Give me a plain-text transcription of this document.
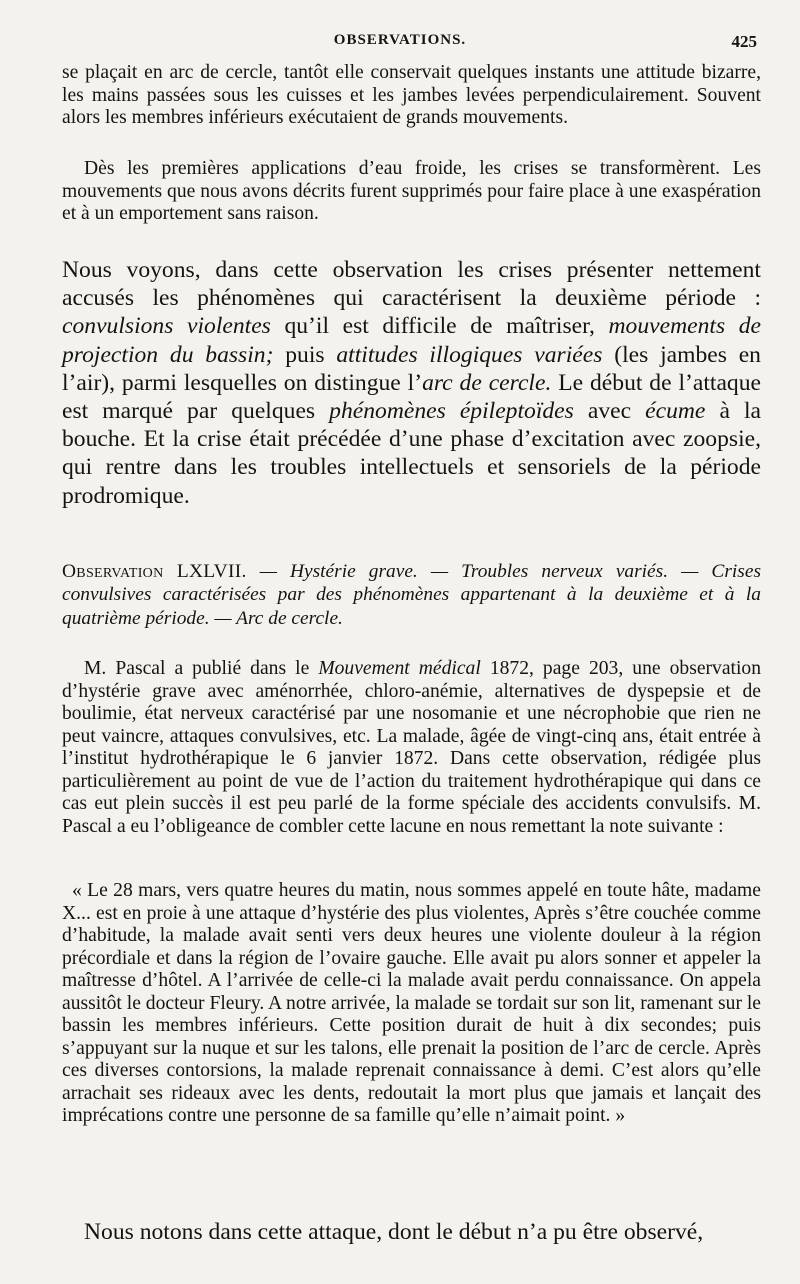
OBSERVATIONS.	425

se plaçait en arc de cercle, tantôt elle conservait quelques instants une attitude bizarre, les mains passées sous les cuisses et les jambes levées perpendiculairement. Souvent alors les membres inférieurs exécutaient de grands mouvements.

Dès les premières applications d’eau froide, les crises se transformèrent. Les mouvements que nous avons décrits furent supprimés pour faire place à une exaspération et à un emportement sans raison.

Nous voyons, dans cette observation les crises présenter nettement accusés les phénomènes qui caractérisent la deuxième période : convulsions violentes qu’il est difficile de maîtriser, mouvements de projection du bassin; puis attitudes illogiques variées (les jambes en l’air), parmi lesquelles on distingue l’arc de cercle. Le début de l’attaque est marqué par quelques phénomènes épileptoïdes avec écume à la bouche. Et la crise était précédée d’une phase d’excitation avec zoopsie, qui rentre dans les troubles intellectuels et sensoriels de la période prodromique.

Observation LXLVII. — Hystérie grave. — Troubles nerveux variés. — Crises convulsives caractérisées par des phénomènes appartenant à la deuxième et à la quatrième période. — Arc de cercle.

M. Pascal a publié dans le Mouvement médical 1872, page 203, une observation d’hystérie grave avec aménorrhée, chloro-anémie, alternatives de dyspepsie et de boulimie, état nerveux caractérisé par une nosomanie et une nécrophobie que rien ne peut vaincre, attaques convulsives, etc. La malade, âgée de vingt-cinq ans, était entrée à l’institut hydrothérapique le 6 janvier 1872. Dans cette observation, rédigée plus particulièrement au point de vue de l’action du traitement hydrothérapique qui dans ce cas eut plein succès il est peu parlé de la forme spéciale des accidents convulsifs. M. Pascal a eu l’obligeance de combler cette lacune en nous remettant la note suivante :

« Le 28 mars, vers quatre heures du matin, nous sommes appelé en toute hâte, madame X... est en proie à une attaque d’hystérie des plus violentes, Après s’être couchée comme d’habitude, la malade avait senti vers deux heures une violente douleur à la région précordiale et dans la région de l’ovaire gauche. Elle avait pu alors sonner et appeler la maîtresse d’hôtel. A l’arrivée de celle-ci la malade avait perdu connaissance. On appela aussitôt le docteur Fleury. A notre arrivée, la malade se tordait sur son lit, ramenant sur le bassin les membres inférieurs. Cette position durait de huit à dix secondes; puis s’appuyant sur la nuque et sur les talons, elle prenait la position de l’arc de cercle. Après ces diverses contorsions, la malade reprenait connaissance à demi. C’est alors qu’elle arrachait ses rideaux avec les dents, redoutait la mort plus que jamais et lançait des imprécations contre une personne de sa famille qu’elle n’aimait point. »

Nous notons dans cette attaque, dont le début n’a pu être observé,
